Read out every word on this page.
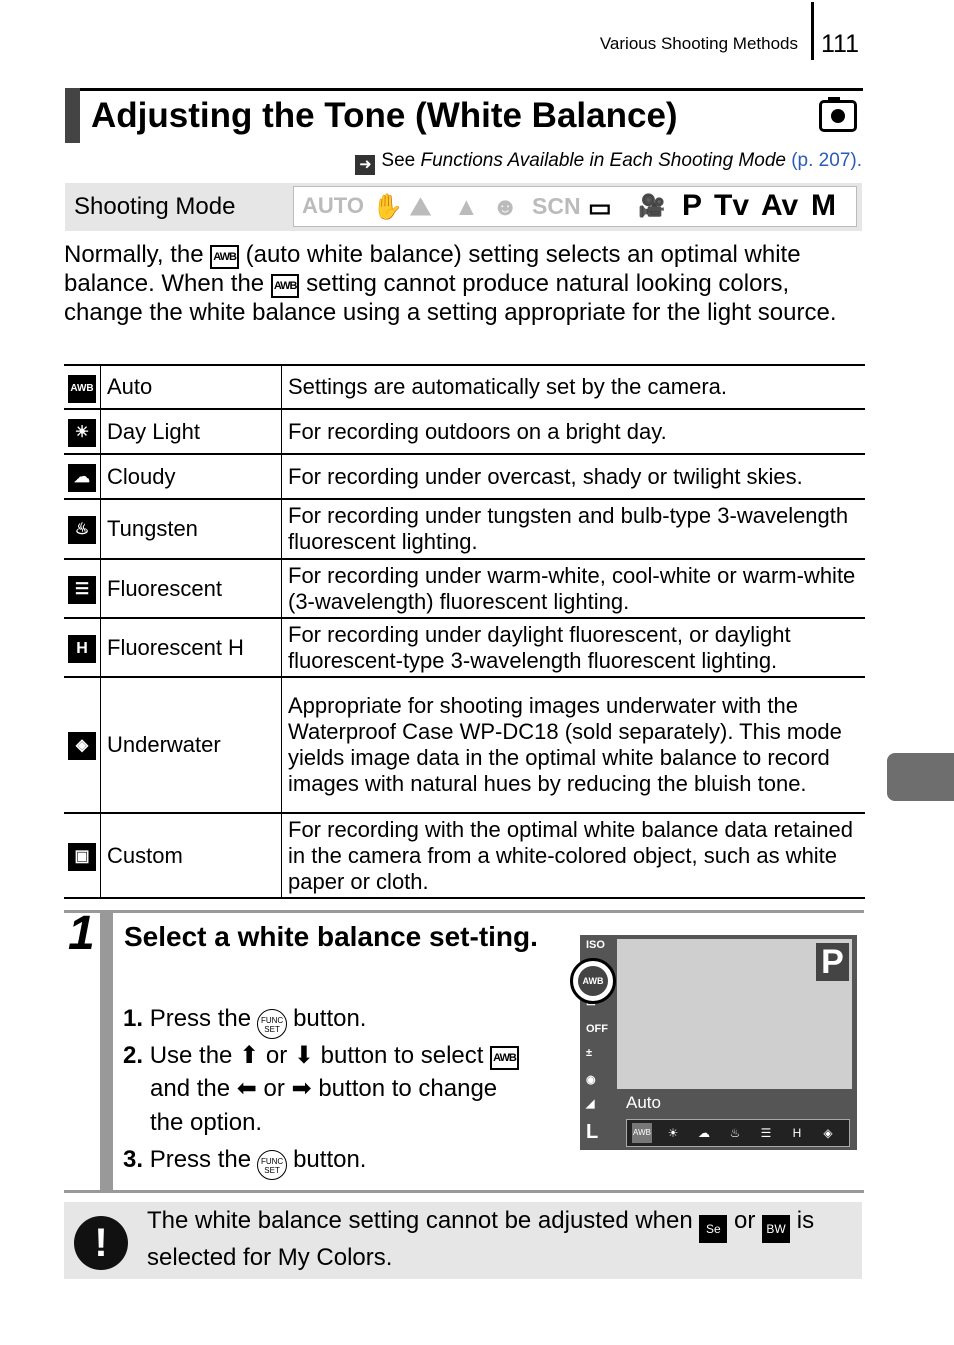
Various Shooting Methods 111
Adjusting the Tone (White Balance)
➜ See Functions Available in Each Shooting Mode (p. 207).
Shooting Mode	AUTO ✋ ⛰ ▲ ☻ SCN ▭ 🎥 P Tv Av M
Normally, the AWB (auto white balance) setting selects an optimal white balance. When the AWB setting cannot produce natural looking colors, change the white balance using a setting appropriate for the light source.
AWB	Auto	Settings are automatically set by the camera.
☀	Day Light	For recording outdoors on a bright day.
☁	Cloudy	For recording under overcast, shady or twilight skies.
♨	Tungsten	For recording under tungsten and bulb-type 3-wavelength fluorescent lighting.
☰	Fluorescent	For recording under warm-white, cool-white or warm-white (3-wavelength) fluorescent lighting.
H	Fluorescent H	For recording under daylight fluorescent, or daylight fluorescent-type 3-wavelength fluorescent lighting.
◈	Underwater	Appropriate for shooting images underwater with the Waterproof Case WP-DC18 (sold separately). This mode yields image data in the optimal white balance to record images with natural hues by reducing the bluish tone.
▣	Custom	For recording with the optimal white balance data retained in the camera from a white-colored object, such as white paper or cloth.
1 Select a white balance set-ting.
1. Press the FUNC SET button.
2. Use the ⬆ or ⬇ button to select AWB
and the ⬅ or ➡ button to change
the option.
3. Press the FUNC SET button.
P
ISO
OFF
±
◉
◢
L
AWB
Auto
AWB	☀	☁	♨	☰	H	◈
!
The white balance setting cannot be adjusted when Se or BW is selected for My Colors.
